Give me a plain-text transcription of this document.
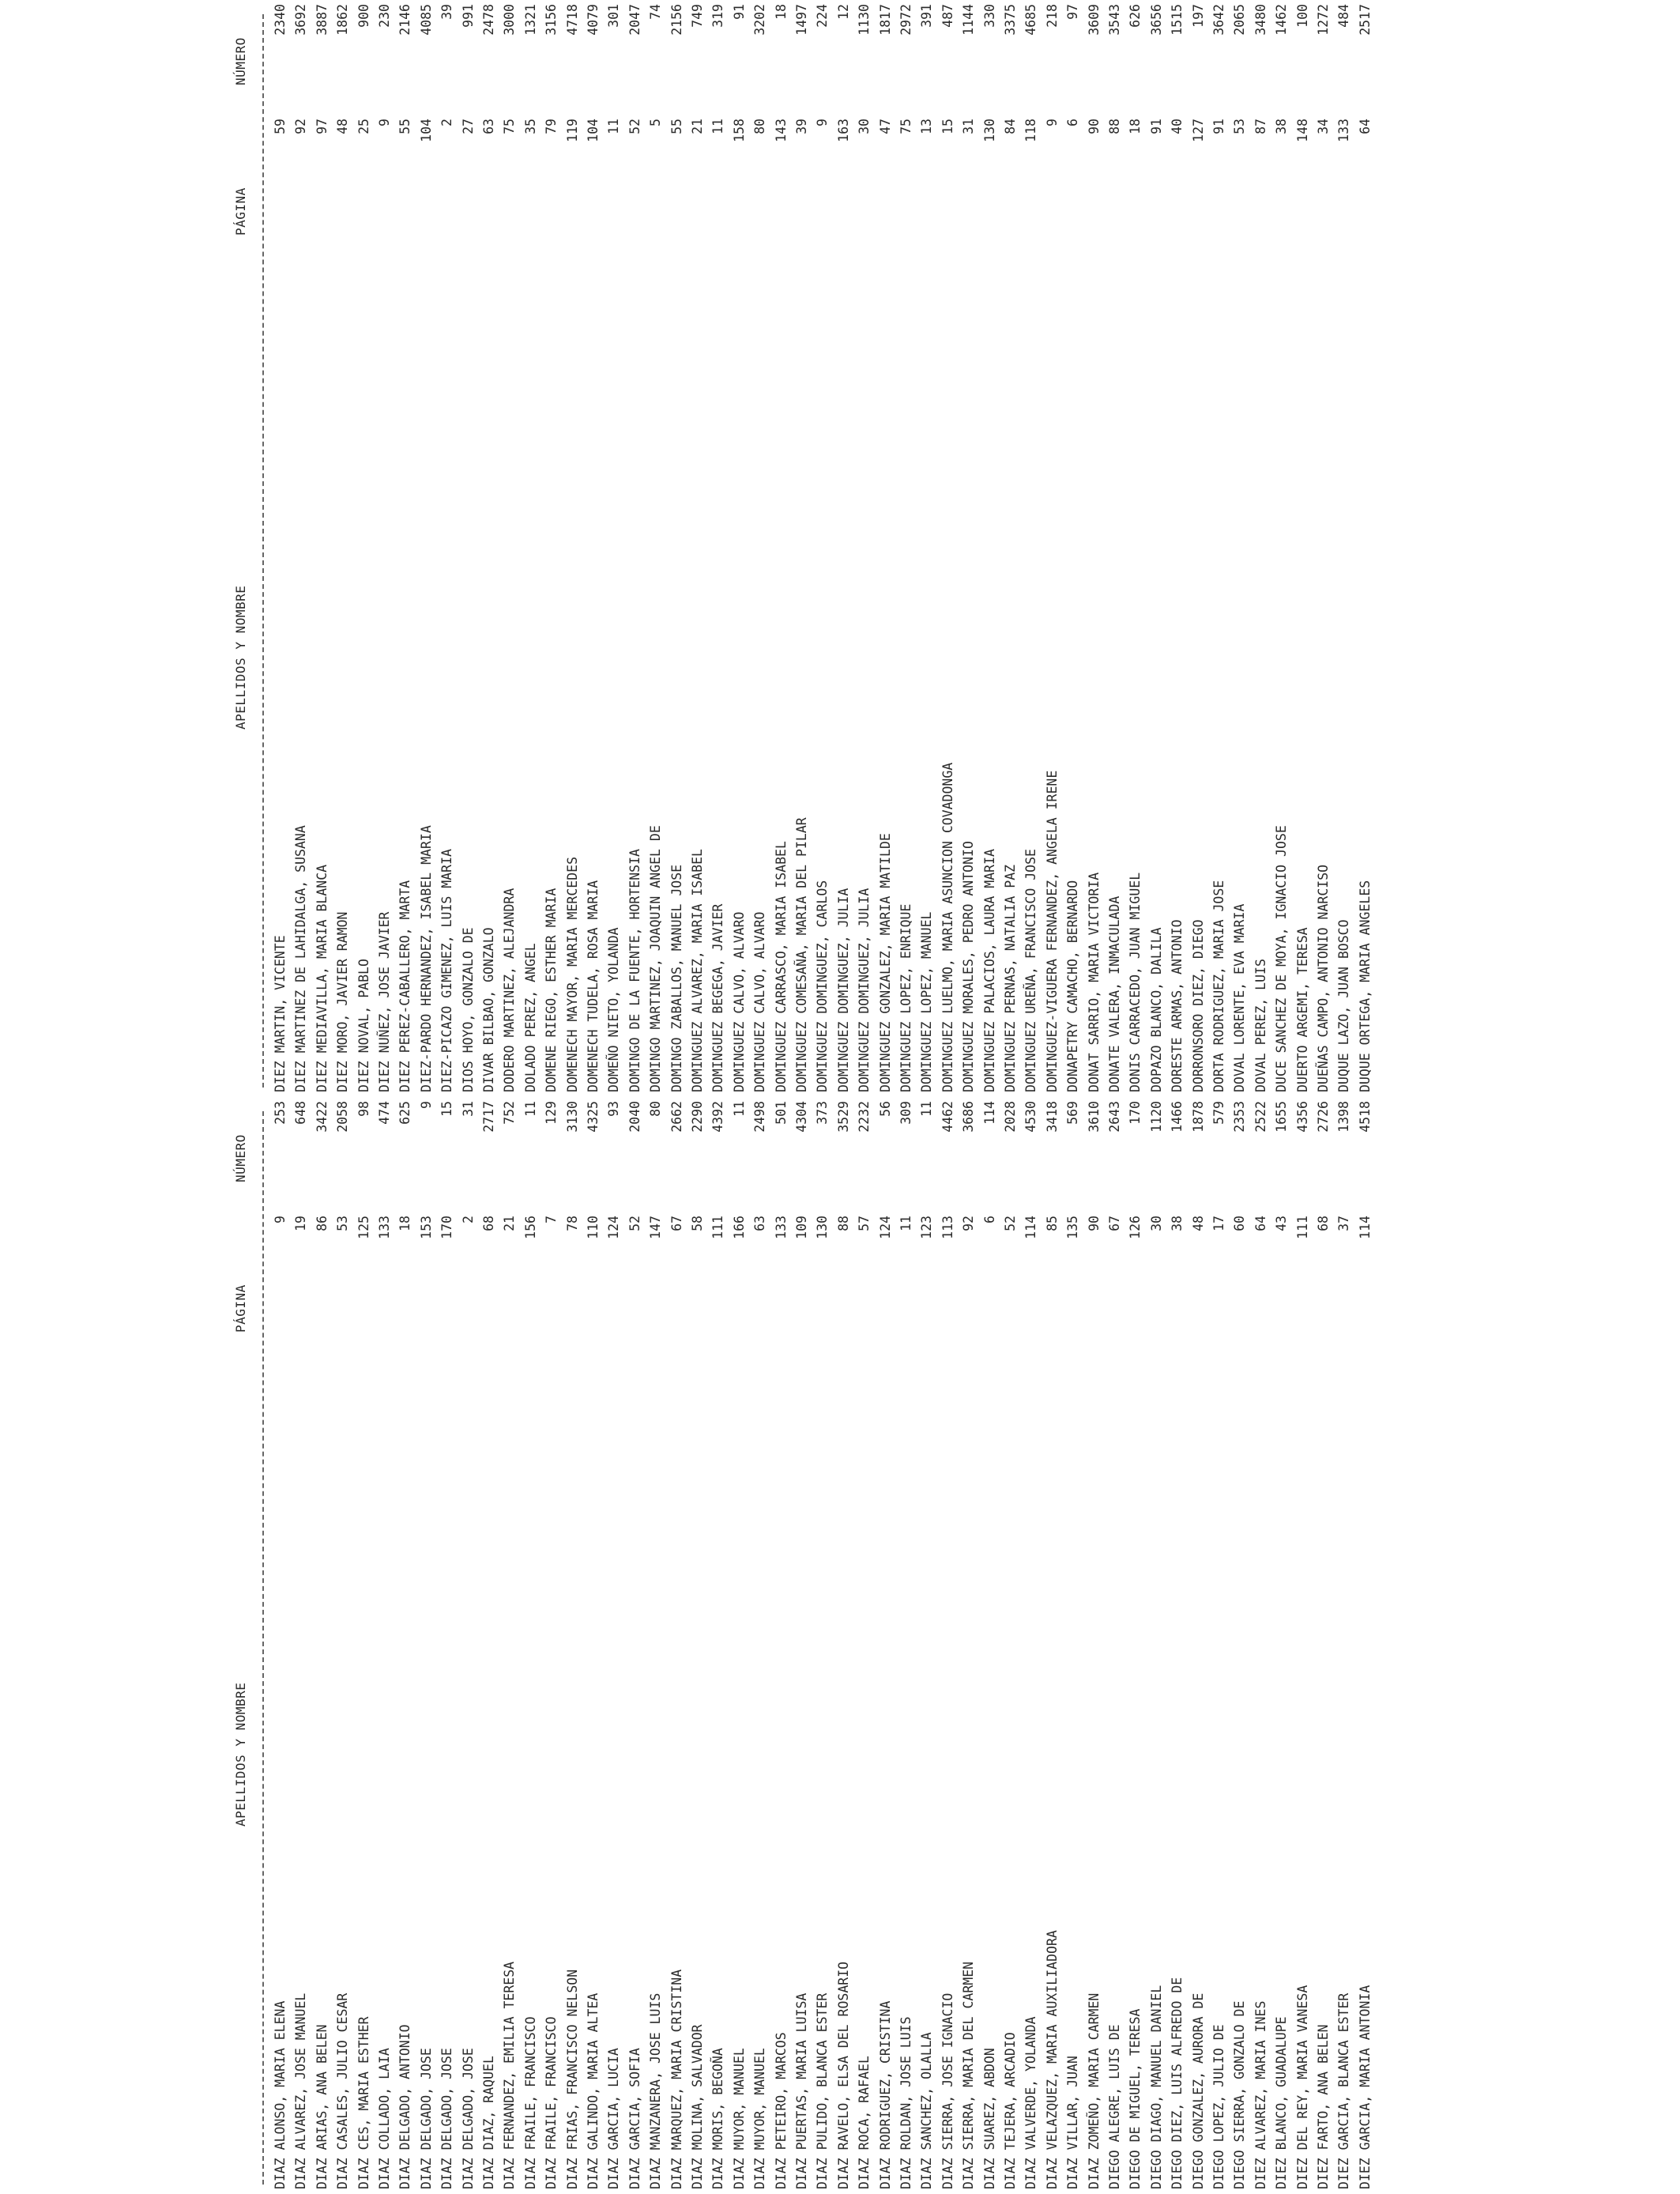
APELLIDOS Y NOMBRE
PÁGINA
NÚMERO
DIAZ ALONSO, MARIA ELENA
9
253
DIAZ ALVAREZ, JOSE MANUEL
19
648
DIAZ ARIAS, ANA BELEN
86
3422
DIAZ CASALES, JULIO CESAR
53
2058
DIAZ CES, MARIA ESTHER
125
98
DIAZ COLLADO, LAIA
133
474
DIAZ DELGADO, ANTONIO
18
625
DIAZ DELGADO, JOSE
153
9
DIAZ DELGADO, JOSE
170
15
DIAZ DELGADO, JOSE
2
31
DIAZ DIAZ, RAQUEL
68
2717
DIAZ FERNANDEZ, EMILIA TERESA
21
752
DIAZ FRAILE, FRANCISCO
156
11
DIAZ FRAILE, FRANCISCO
7
129
DIAZ FRIAS, FRANCISCO NELSON
78
3130
DIAZ GALINDO, MARIA ALTEA
110
4325
DIAZ GARCIA, LUCIA
124
93
DIAZ GARCIA, SOFIA
52
2040
DIAZ MANZANERA, JOSE LUIS
147
80
DIAZ MARQUEZ, MARIA CRISTINA
67
2662
DIAZ MOLINA, SALVADOR
58
2290
DIAZ MORIS, BEGOÑA
111
4392
DIAZ MUYOR, MANUEL
166
11
DIAZ MUYOR, MANUEL
63
2498
DIAZ PETEIRO, MARCOS
133
501
DIAZ PUERTAS, MARIA LUISA
109
4304
DIAZ PULIDO, BLANCA ESTER
130
373
DIAZ RAVELO, ELSA DEL ROSARIO
88
3529
DIAZ ROCA, RAFAEL
57
2232
DIAZ RODRIGUEZ, CRISTINA
124
56
DIAZ ROLDAN, JOSE LUIS
11
309
DIAZ SANCHEZ, OLALLA
123
11
DIAZ SIERRA, JOSE IGNACIO
113
4462
DIAZ SIERRA, MARIA DEL CARMEN
92
3686
DIAZ SUAREZ, ABDON
6
114
DIAZ TEJERA, ARCADIO
52
2028
DIAZ VALVERDE, YOLANDA
114
4530
DIAZ VELAZQUEZ, MARIA AUXILIADORA
85
3418
DIAZ VILLAR, JUAN
135
569
DIAZ ZOMEÑO, MARIA CARMEN
90
3610
DIEGO ALEGRE, LUIS DE
67
2643
DIEGO DE MIGUEL, TERESA
126
170
DIEGO DIAGO, MANUEL DANIEL
30
1120
DIEGO DIEZ, LUIS ALFREDO DE
38
1466
DIEGO GONZALEZ, AURORA DE
48
1878
DIEGO LOPEZ, JULIO DE
17
579
DIEGO SIERRA, GONZALO DE
60
2353
DIEZ ALVAREZ, MARIA INES
64
2522
DIEZ BLANCO, GUADALUPE
43
1655
DIEZ DEL REY, MARIA VANESA
111
4356
DIEZ FARTO, ANA BELEN
68
2726
DIEZ GARCIA, BLANCA ESTER
37
1398
DIEZ GARCIA, MARIA ANTONIA
114
4518
APELLIDOS Y NOMBRE
PÁGINA
NÚMERO
DIEZ MARTIN, VICENTE
59
2340
DIEZ MARTINEZ DE LAHIDALGA, SUSANA
92
3692
DIEZ MEDIAVILLA, MARIA BLANCA
97
3887
DIEZ MORO, JAVIER RAMON
48
1862
DIEZ NOVAL, PABLO
25
900
DIEZ NUÑEZ, JOSE JAVIER
9
230
DIEZ PEREZ-CABALLERO, MARTA
55
2146
DIEZ-PARDO HERNANDEZ, ISABEL MARIA
104
4085
DIEZ-PICAZO GIMENEZ, LUIS MARIA
2
39
DIOS HOYO, GONZALO DE
27
991
DIVAR BILBAO, GONZALO
63
2478
DODERO MARTINEZ, ALEJANDRA
75
3000
DOLADO PEREZ, ANGEL
35
1321
DOMENE RIEGO, ESTHER MARIA
79
3156
DOMENECH MAYOR, MARIA MERCEDES
119
4718
DOMENECH TUDELA, ROSA MARIA
104
4079
DOMEÑO NIETO, YOLANDA
11
301
DOMINGO DE LA FUENTE, HORTENSIA
52
2047
DOMINGO MARTINEZ, JOAQUIN ANGEL DE
5
74
DOMINGO ZABALLOS, MANUEL JOSE
55
2156
DOMINGUEZ ALVAREZ, MARIA ISABEL
21
749
DOMINGUEZ BEGEGA, JAVIER
11
319
DOMINGUEZ CALVO, ALVARO
158
91
DOMINGUEZ CALVO, ALVARO
80
3202
DOMINGUEZ CARRASCO, MARIA ISABEL
143
18
DOMINGUEZ COMESAÑA, MARIA DEL PILAR
39
1497
DOMINGUEZ DOMINGUEZ, CARLOS
9
224
DOMINGUEZ DOMINGUEZ, JULIA
163
12
DOMINGUEZ DOMINGUEZ, JULIA
30
1130
DOMINGUEZ GONZALEZ, MARIA MATILDE
47
1817
DOMINGUEZ LOPEZ, ENRIQUE
75
2972
DOMINGUEZ LOPEZ, MANUEL
13
391
DOMINGUEZ LUELMO, MARIA ASUNCION COVADONGA
15
487
DOMINGUEZ MORALES, PEDRO ANTONIO
31
1144
DOMINGUEZ PALACIOS, LAURA MARIA
130
330
DOMINGUEZ PERNAS, NATALIA PAZ
84
3375
DOMINGUEZ UREÑA, FRANCISCO JOSE
118
4685
DOMINGUEZ-VIGUERA FERNANDEZ, ANGELA IRENE
9
218
DONAPETRY CAMACHO, BERNARDO
6
97
DONAT SARRIO, MARIA VICTORIA
90
3609
DONATE VALERA, INMACULADA
88
3543
DONIS CARRACEDO, JUAN MIGUEL
18
626
DOPAZO BLANCO, DALILA
91
3656
DORESTE ARMAS, ANTONIO
40
1515
DORRONSORO DIEZ, DIEGO
127
197
DORTA RODRIGUEZ, MARIA JOSE
91
3642
DOVAL LORENTE, EVA MARIA
53
2065
DOVAL PEREZ, LUIS
87
3480
DUCE SANCHEZ DE MOYA, IGNACIO JOSE
38
1462
DUERTO ARGEMI, TERESA
148
100
DUEÑAS CAMPO, ANTONIO NARCISO
34
1272
DUQUE LAZO, JUAN BOSCO
133
484
DUQUE ORTEGA, MARIA ANGELES
64
2517
